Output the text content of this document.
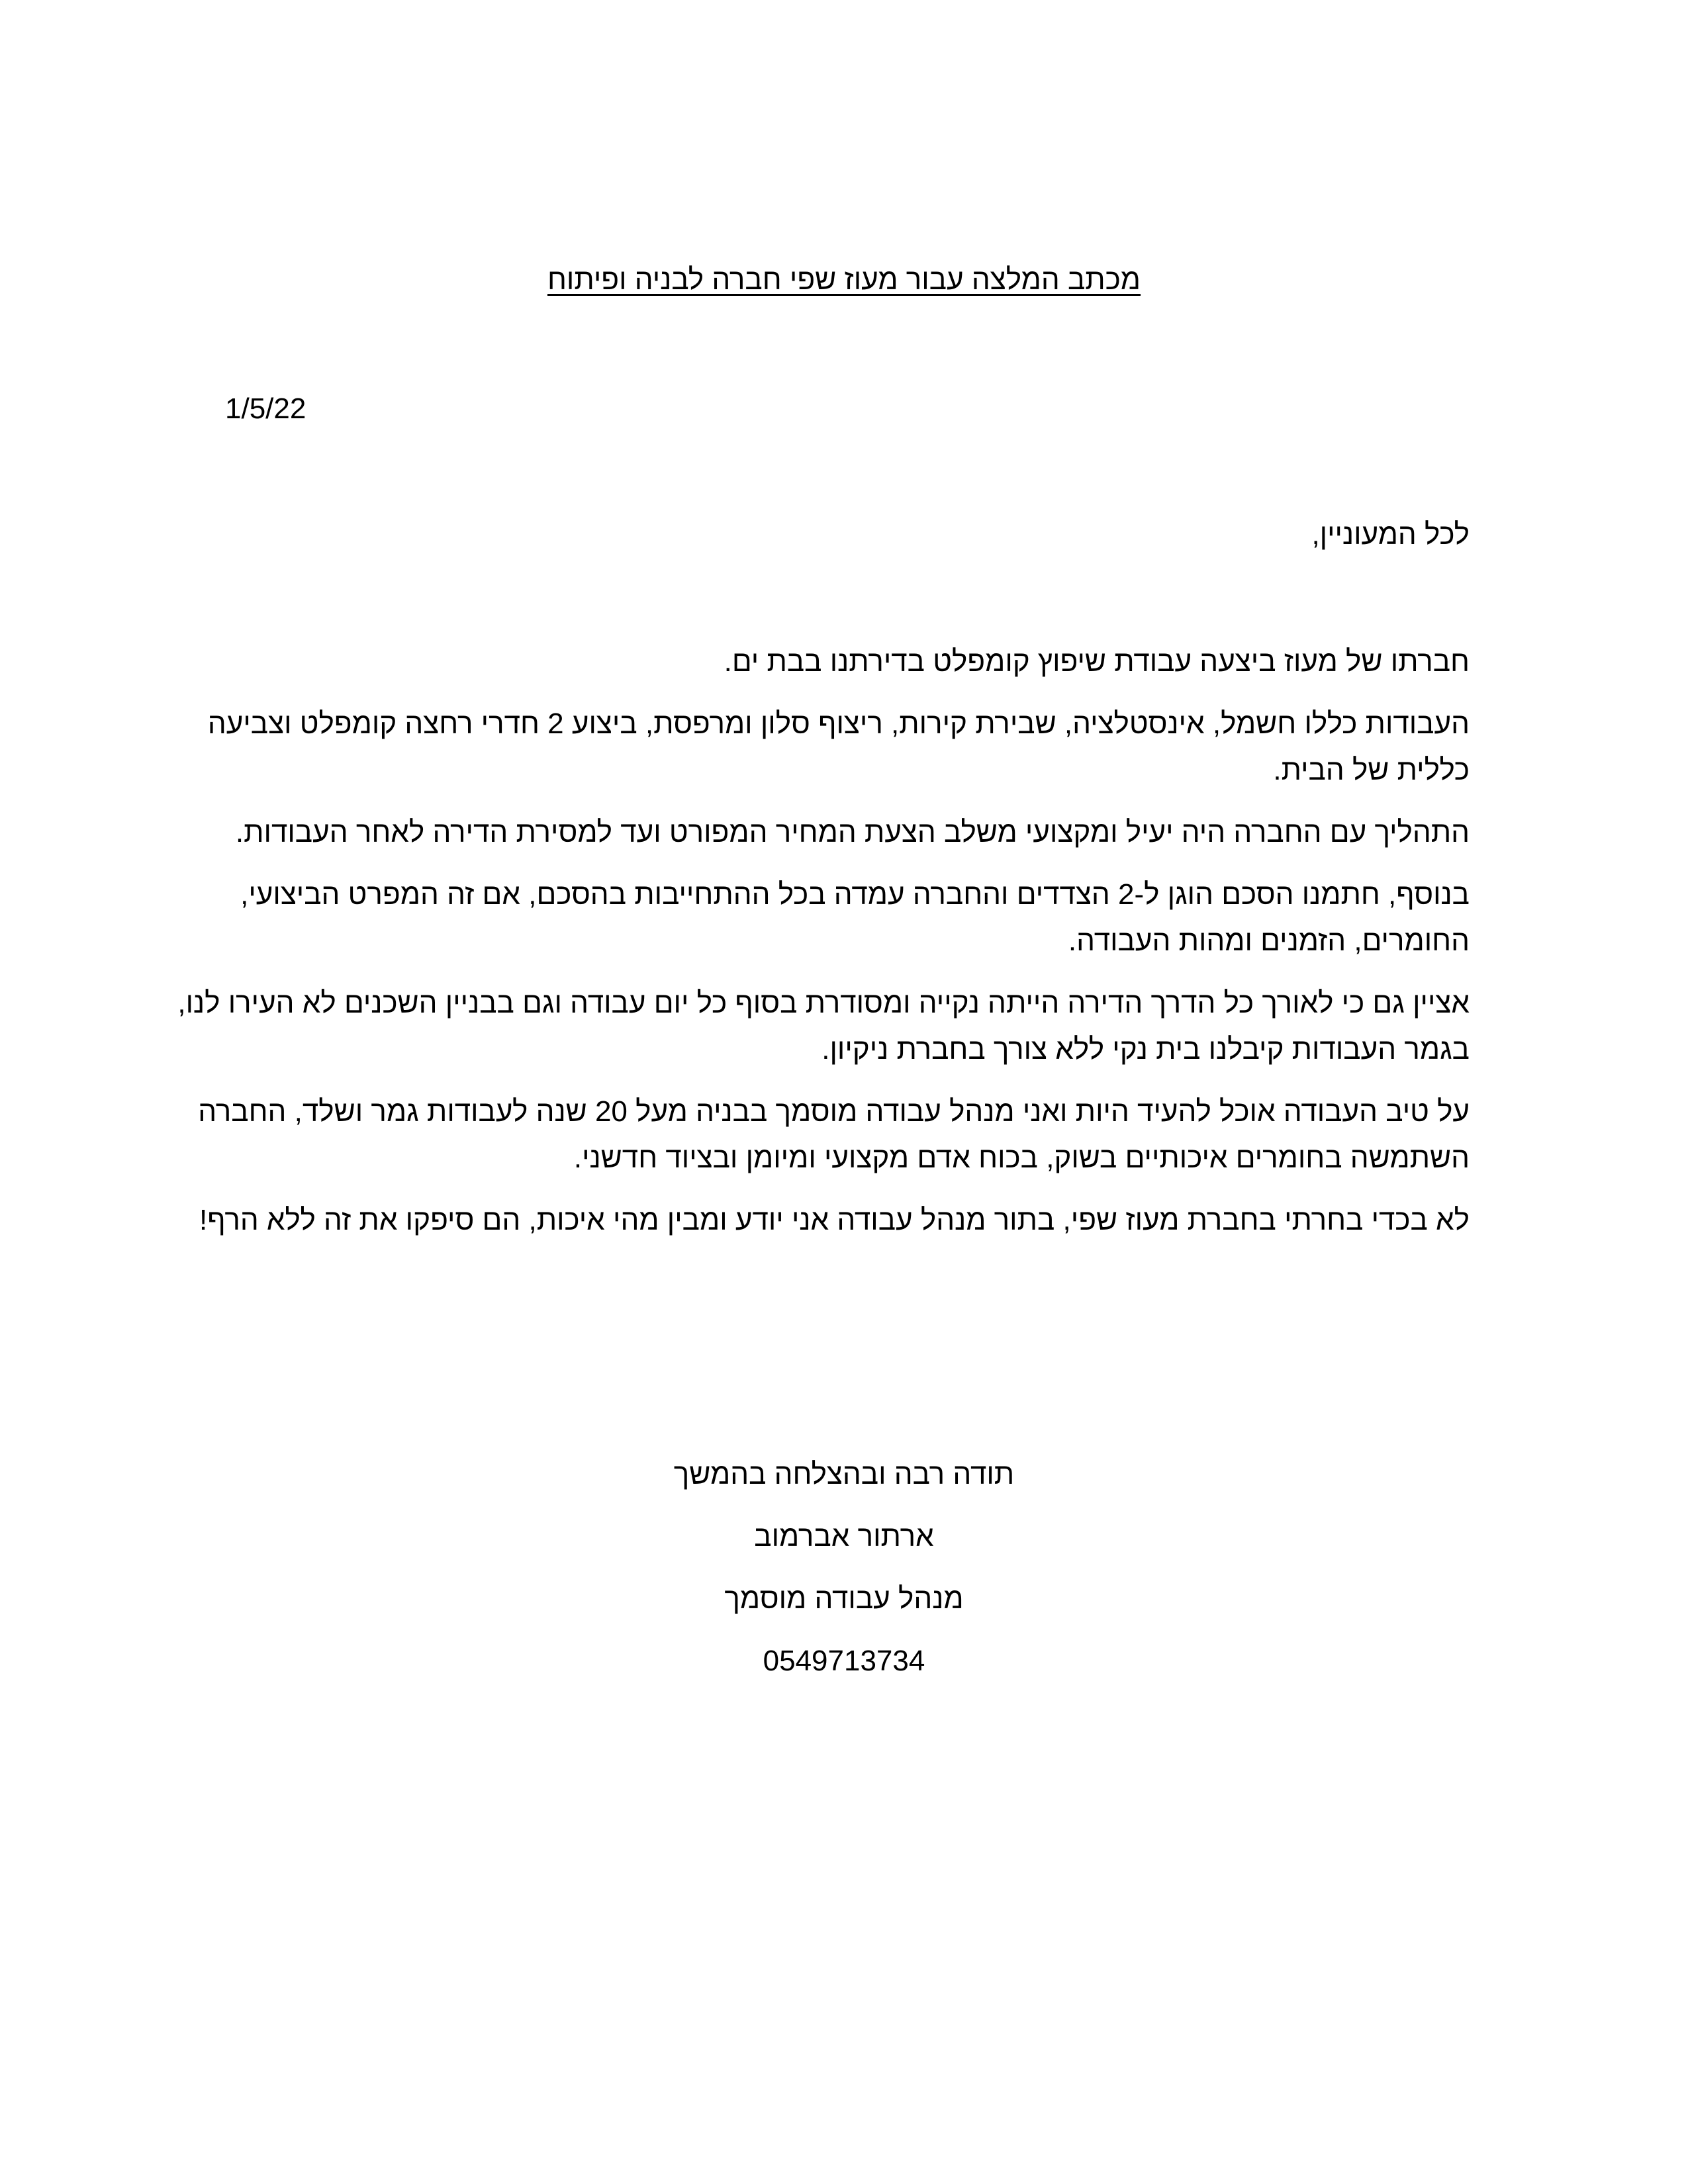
מכתב המלצה עבור מעוז שפי חברה לבניה ופיתוח
1/5/22
לכל המעוניין,

חברתו של מעוז ביצעה עבודת שיפוץ קומפלט בדירתנו בבת ים.

העבודות כללו חשמל, אינסטלציה, שבירת קירות, ריצוף סלון ומרפסת, ביצוע 2 חדרי רחצה קומפלט וצביעה כללית של הבית.

התהליך עם החברה היה יעיל ומקצועי משלב הצעת המחיר המפורט ועד למסירת הדירה לאחר העבודות.

בנוסף, חתמנו הסכם הוגן ל-2 הצדדים והחברה עמדה בכל ההתחייבות בהסכם, אם זה המפרט הביצועי, החומרים, הזמנים ומהות העבודה.

אציין גם כי לאורך כל הדרך הדירה הייתה נקייה ומסודרת בסוף כל יום עבודה וגם בבניין השכנים לא העירו לנו, בגמר העבודות קיבלנו בית נקי ללא צורך בחברת ניקיון.

על טיב העבודה אוכל להעיד היות ואני מנהל עבודה מוסמך בבניה מעל 20 שנה לעבודות גמר ושלד, החברה השתמשה בחומרים איכותיים בשוק, בכוח אדם מקצועי ומיומן ובציוד חדשני.

לא בכדי בחרתי בחברת מעוז שפי, בתור מנהל עבודה אני יודע ומבין מהי איכות, הם סיפקו את זה ללא הרף!

תודה רבה ובהצלחה בהמשך
ארתור אברמוב
מנהל עבודה מוסמך
0549713734
